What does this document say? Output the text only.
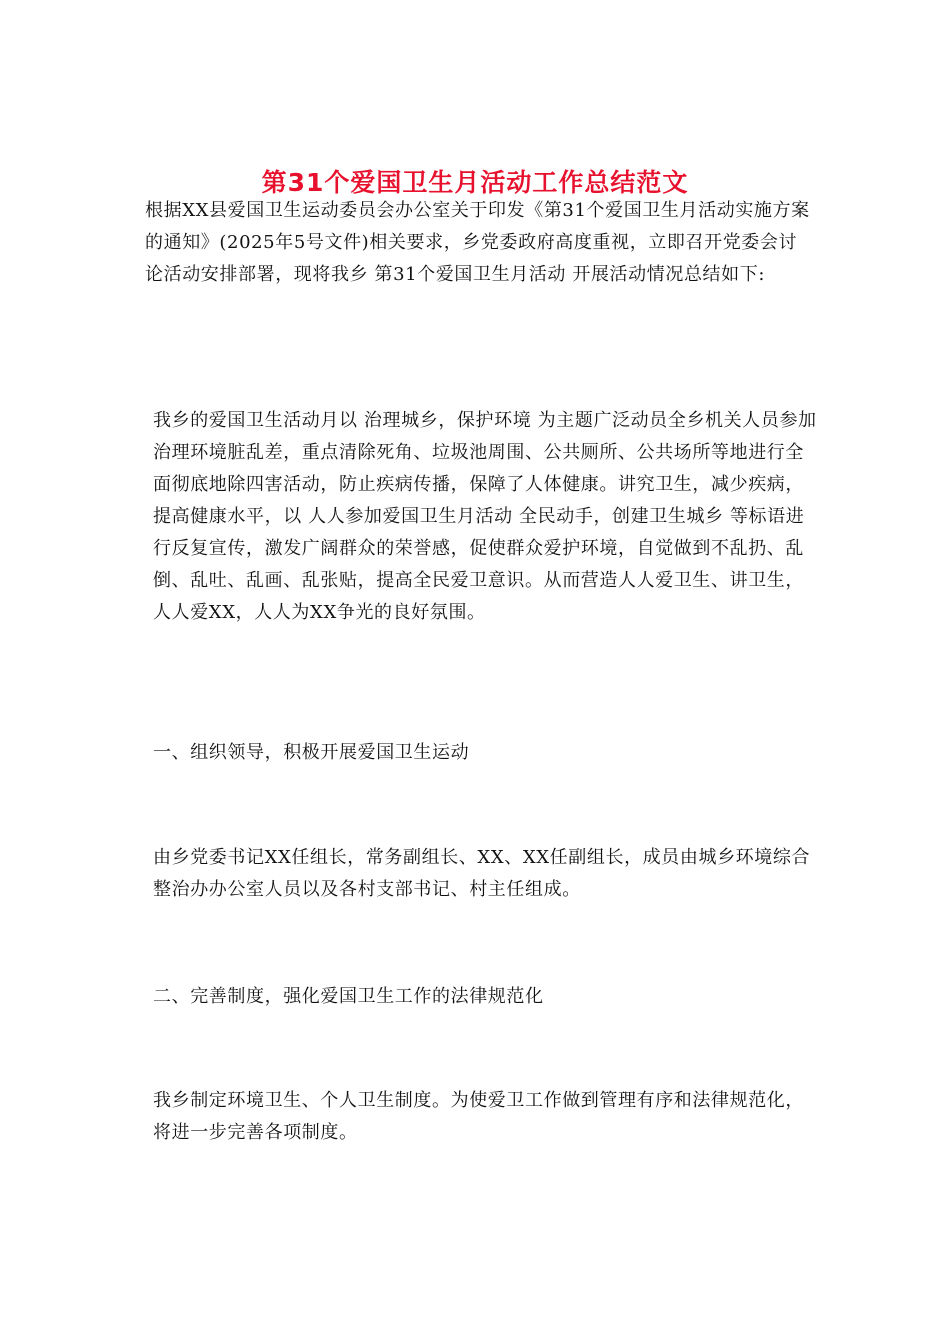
第31个爱国卫生月活动工作总结范文

根据XX县爱国卫生运动委员会办公室关于印发《第31个爱国卫生月活动实施方案的通知》(2025年5号文件)相关要求，乡党委政府高度重视，立即召开党委会讨论活动安排部署，现将我乡 第31个爱国卫生月活动 开展活动情况总结如下:

我乡的爱国卫生活动月以 治理城乡，保护环境 为主题广泛动员全乡机关人员参加治理环境脏乱差，重点清除死角、垃圾池周围、公共厕所、公共场所等地进行全面彻底地除四害活动，防止疾病传播，保障了人体健康。讲究卫生，减少疾病，提高健康水平，以 人人参加爱国卫生月活动 全民动手，创建卫生城乡 等标语进行反复宣传，激发广阔群众的荣誉感，促使群众爱护环境，自觉做到不乱扔、乱倒、乱吐、乱画、乱张贴，提高全民爱卫意识。从而营造人人爱卫生、讲卫生，人人爱XX，人人为XX争光的良好氛围。

一、组织领导，积极开展爱国卫生运动

由乡党委书记XX任组长，常务副组长、XX、XX任副组长，成员由城乡环境综合整治办办公室人员以及各村支部书记、村主任组成。

二、完善制度，强化爱国卫生工作的法律规范化

我乡制定环境卫生、个人卫生制度。为使爱卫工作做到管理有序和法律规范化，将进一步完善各项制度。
